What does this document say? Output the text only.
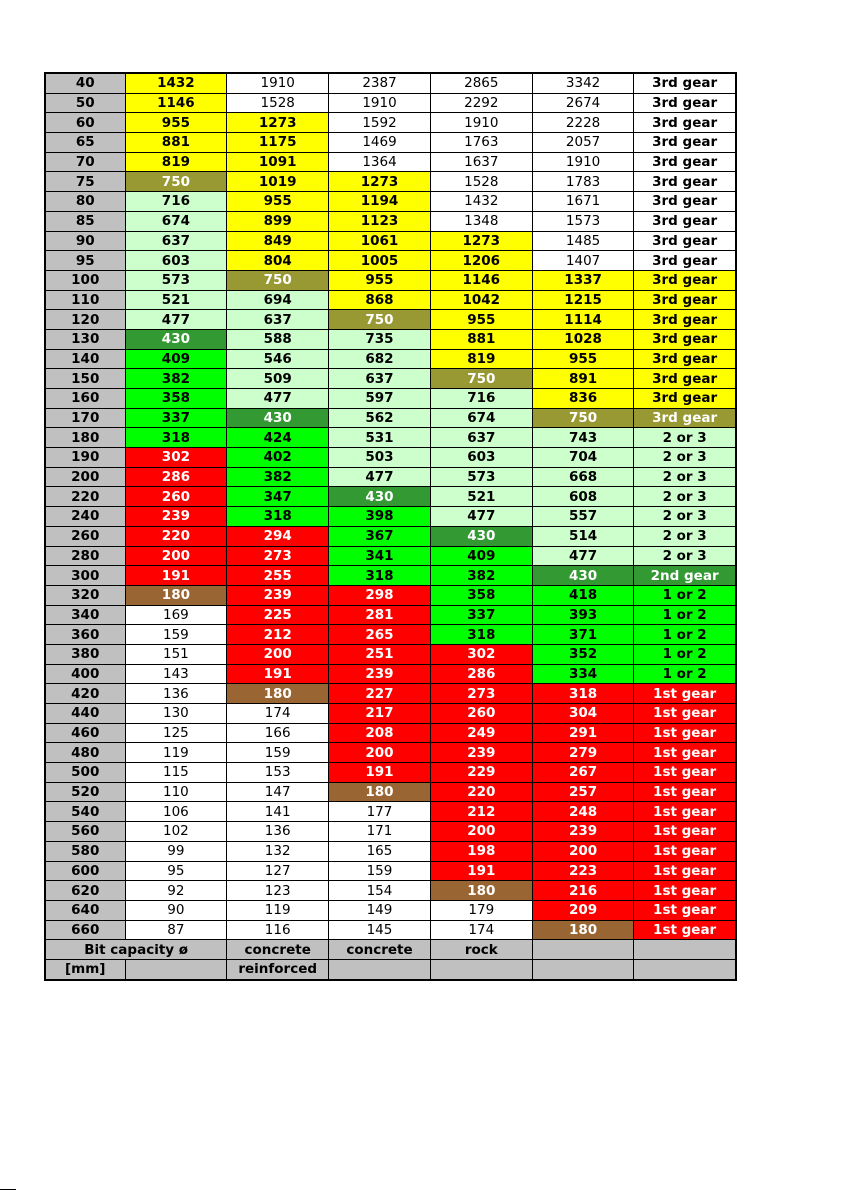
40	1432	1910	2387	2865	3342	3rd gear
50	1146	1528	1910	2292	2674	3rd gear
60	955	1273	1592	1910	2228	3rd gear
65	881	1175	1469	1763	2057	3rd gear
70	819	1091	1364	1637	1910	3rd gear
75	750	1019	1273	1528	1783	3rd gear
80	716	955	1194	1432	1671	3rd gear
85	674	899	1123	1348	1573	3rd gear
90	637	849	1061	1273	1485	3rd gear
95	603	804	1005	1206	1407	3rd gear
100	573	750	955	1146	1337	3rd gear
110	521	694	868	1042	1215	3rd gear
120	477	637	750	955	1114	3rd gear
130	430	588	735	881	1028	3rd gear
140	409	546	682	819	955	3rd gear
150	382	509	637	750	891	3rd gear
160	358	477	597	716	836	3rd gear
170	337	430	562	674	750	3rd gear
180	318	424	531	637	743	2 or 3
190	302	402	503	603	704	2 or 3
200	286	382	477	573	668	2 or 3
220	260	347	430	521	608	2 or 3
240	239	318	398	477	557	2 or 3
260	220	294	367	430	514	2 or 3
280	200	273	341	409	477	2 or 3
300	191	255	318	382	430	2nd gear
320	180	239	298	358	418	1 or 2
340	169	225	281	337	393	1 or 2
360	159	212	265	318	371	1 or 2
380	151	200	251	302	352	1 or 2
400	143	191	239	286	334	1 or 2
420	136	180	227	273	318	1st gear
440	130	174	217	260	304	1st gear
460	125	166	208	249	291	1st gear
480	119	159	200	239	279	1st gear
500	115	153	191	229	267	1st gear
520	110	147	180	220	257	1st gear
540	106	141	177	212	248	1st gear
560	102	136	171	200	239	1st gear
580	99	132	165	198	200	1st gear
600	95	127	159	191	223	1st gear
620	92	123	154	180	216	1st gear
640	90	119	149	179	209	1st gear
660	87	116	145	174	180	1st gear
Bit capacity ø		concrete	concrete	rock		
[mm]		reinforced				
